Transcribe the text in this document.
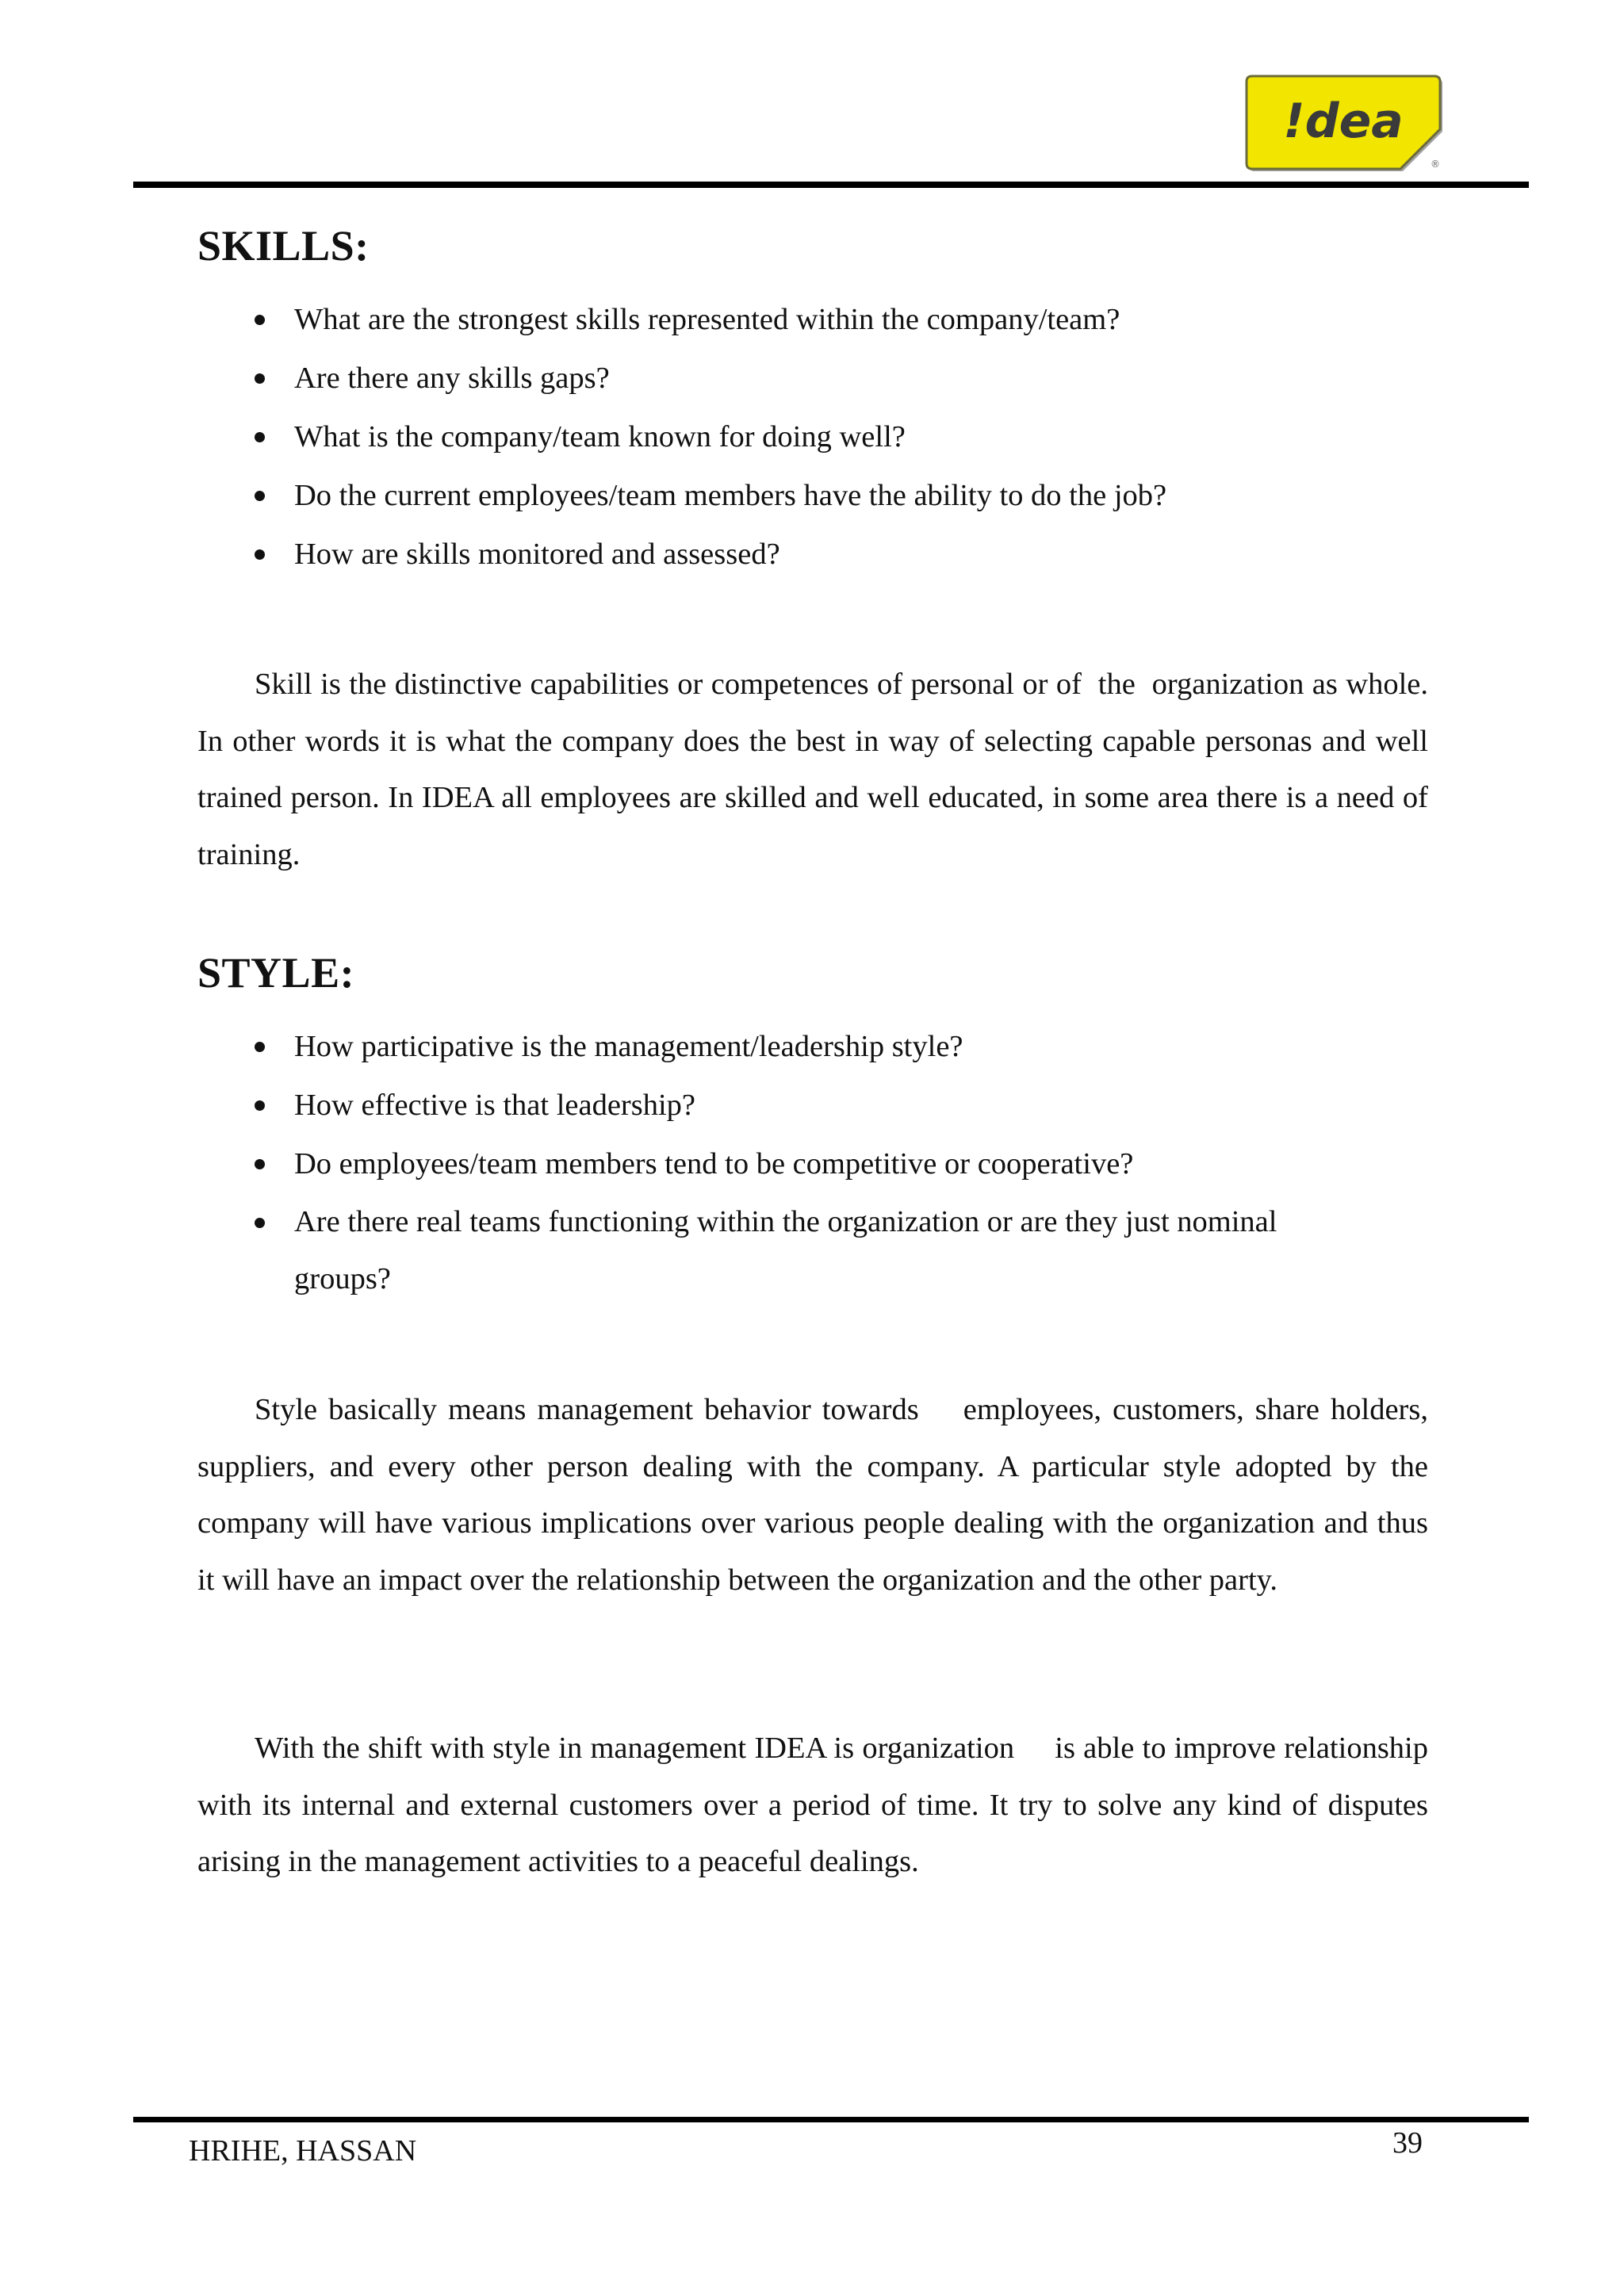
!dea
®
SKILLS:
What are the strongest skills represented within the company/team?
Are there any skills gaps?
What is the company/team known for doing well?
Do the current employees/team members have the ability to do the job?
How are skills monitored and assessed?

Skill is the distinctive capabilities or competences of personal or of  the  organization as whole. In other words it is what the company does the best in way of selecting capable personas and well trained person. In IDEA all employees are skilled and well educated, in some area there is a need of training.

STYLE:
How participative is the management/leadership style?
How effective is that leadership?
Do employees/team members tend to be competitive or cooperative?
Are there real teams functioning within the organization or are they just nominal groups?

Style basically means management behavior towards    employees, customers, share holders, suppliers, and every other person dealing with the company. A particular style adopted by the company will have various implications over various people dealing with the organization and thus it will have an impact over the relationship between the organization and the other party.

With the shift with style in management IDEA is organization     is able to improve relationship with its internal and external customers over a period of time. It try to solve any kind of disputes arising in the management activities to a peaceful dealings.

HRIHE, HASSAN	39
